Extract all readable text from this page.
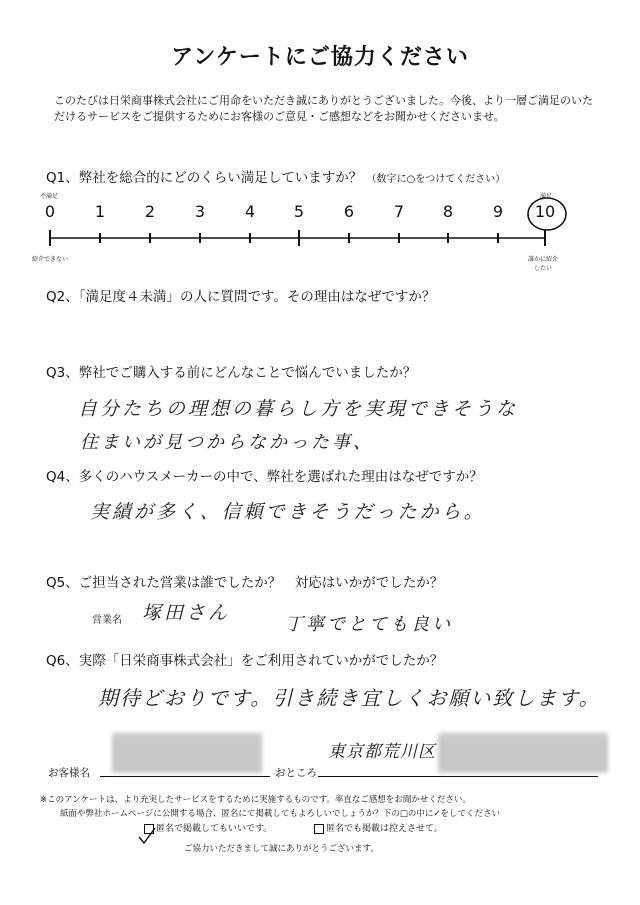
アンケートにご協力ください
このたびは日栄商事株式会社にご用命をいただき誠にありがとうございました。今後、より一層ご満足のいただけるサービスをご提供するためにお客様のご意見・ご感想などをお聞かせくださいませ。
Q1、弊社を総合的にどのくらい満足していますか？ （数字に○をつけてください）
不満足	満足
0	1	2	3	4	5	6	7	8	9	10
紹介できない	誰かに紹介したい
Q2、「満足度４未満」の人に質問です。その理由はなぜですか？
Q3、弊社でご購入する前にどんなことで悩んでいましたか？
自分たちの理想の暮らし方を実現できそうな
住まいが見つからなかった事、
Q4、多くのハウスメーカーの中で、弊社を選ばれた理由はなぜですか？
実績が多く、信頼できそうだったから。
Q5、ご担当された営業は誰でしたか？　対応はいかがでしたか？
営業名 塚田さん
丁寧でとても良い
Q6、実際「日栄商事株式会社」をご利用されていかがでしたか？
期待どおりです。引き続き宜しくお願い致します。
お客様名	おところ
東京都荒川区
※このアンケートは、より充実したサービスをするために実施するものです。率直なご感想をお聞かせください。
紙面や弊社ホームページに公開する場合、匿名にて掲載してもよろしいでしょうか？下の□の中に✓をしてください
匿名で掲載してもいいです。	匿名でも掲載は控えさせて。
ご協力いただきまして誠にありがとうございます。
